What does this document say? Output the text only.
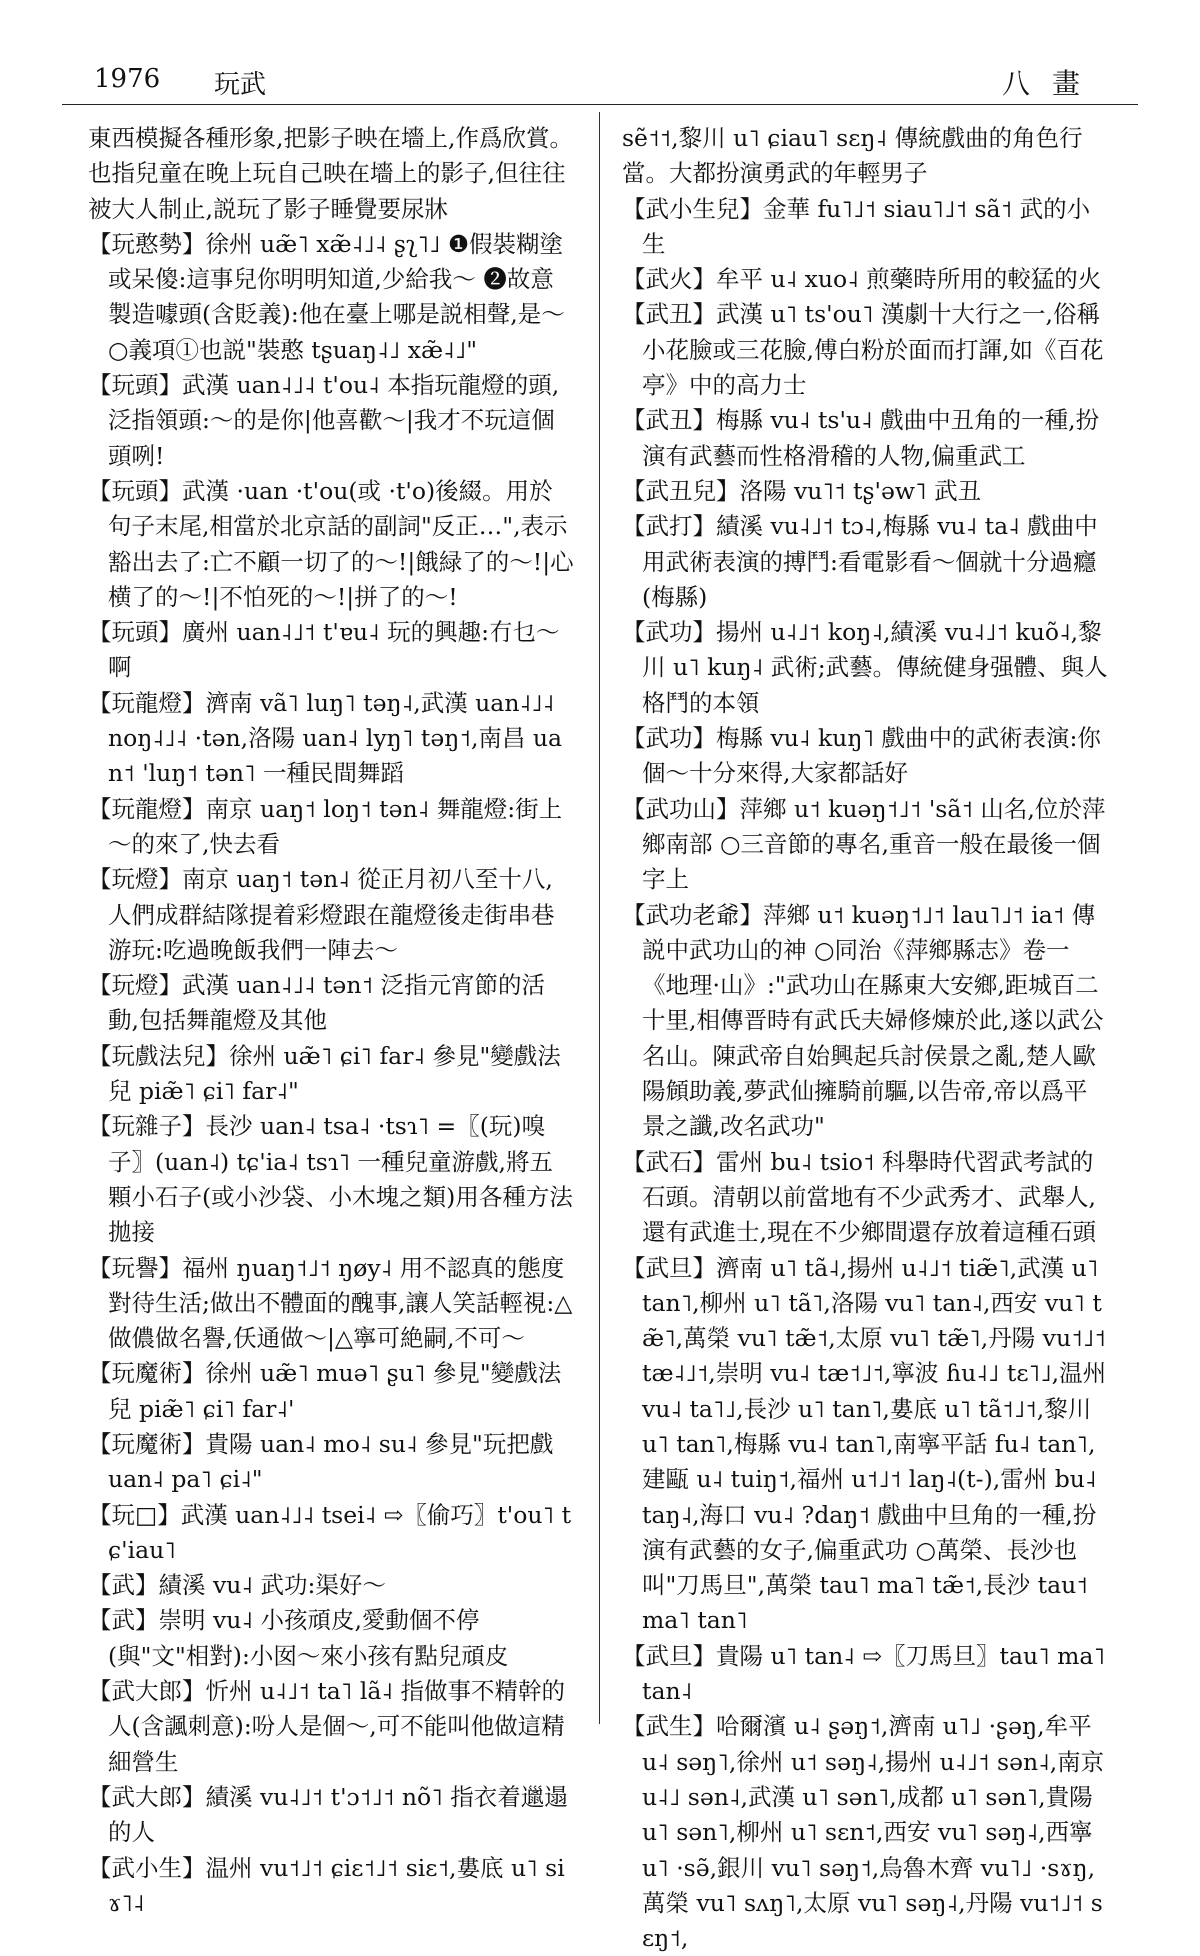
1976 玩武	八畫

東西模擬各種形象,把影子映在墻上,作爲欣賞。也指兒童在晚上玩自己映在墻上的影子,但往往被大人制止,説玩了影子睡覺要尿牀

【玩憨勢】徐州 uæ̃˥ xæ̃˨˩˨ ʂʅ˥˩ ❶假裝糊塗或呆傻:這事兒你明明知道,少給我～ ❷故意製造噱頭(含貶義):他在臺上哪是説相聲,是～ ○義項①也説"裝憨 tʂuaŋ˨˩ xæ̃˨˩"

【玩頭】武漢 uan˨˩˨ t'ou˨ 本指玩龍燈的頭,泛指領頭:～的是你|他喜歡～|我才不玩這個頭咧!

【玩頭】武漢 ·uan ·t'ou(或 ·t'o)後綴。用於句子末尾,相當於北京話的副詞"反正…",表示豁出去了:亡不顧一切了的～!|餓緑了的～!|心横了的～!|不怕死的～!|拼了的～!

【玩頭】廣州 uan˨˩˦ t'ɐu˨ 玩的興趣:冇乜～啊

【玩龍燈】濟南 vã˥ luŋ˥ təŋ˨,武漢 uan˨˩˨ noŋ˨˩˨ ·tən,洛陽 uan˨ lyŋ˥ təŋ˦,南昌 uan˦ 'luŋ˦ tən˥ 一種民間舞蹈

【玩龍燈】南京 uaŋ˦ loŋ˦ tən˨ 舞龍燈:街上～的來了,快去看

【玩燈】南京 uaŋ˦ tən˨ 從正月初八至十八,人們成群結隊提着彩燈跟在龍燈後走街串巷游玩:吃過晚飯我們一陣去～

【玩燈】武漢 uan˨˩˨ tən˦ 泛指元宵節的活動,包括舞龍燈及其他

【玩戲法兒】徐州 uæ̃˥ ɕi˥ far˨ 參見"變戲法兒 piæ̃˥ ɕi˥ far˨"

【玩雜子】長沙 uan˨ tsa˨ ·tsɿ˥ =〖(玩)嗅子〗(uan˨) tɕ'ia˨ tsɿ˥ 一種兒童游戲,將五顆小石子(或小沙袋、小木塊之類)用各種方法拋接

【玩譽】福州 ŋuaŋ˦˩˦ ŋøy˨ 用不認真的態度對待生活;做出不體面的醜事,讓人笑話輕視:△做儂做名譽,仸通做～|△寧可絶嗣,不可～

【玩魔術】徐州 uæ̃˥ muə˥ ʂu˥ 參見"變戲法兒 piæ̃˥ ɕi˥ far˨'

【玩魔術】貴陽 uan˨ mo˨ su˨ 參見"玩把戲 uan˨ pa˥ ɕi˨"

【玩□】武漢 uan˨˩˨ tsei˨ ⇨〖偷巧〗t'ou˥ tɕ'iau˥

【武】績溪 vu˨ 武功:渠好～

【武】崇明 vu˨ 小孩頑皮,愛動個不停(與"文"相對):小囡～來小孩有點兒頑皮

【武大郎】忻州 u˨˩˦ ta˥ lã˨ 指做事不精幹的人(含諷刺意):吩人是個～,可不能叫他做這精細營生

【武大郎】績溪 vu˨˩˦ t'ɔ˦˩˦ nõ˥ 指衣着邋遢的人

【武小生】温州 vu˦˩˦ ɕiɛ˦˩˦ siɛ˦,婁底 u˥ siɤ˥˨

sẽ˦˦,黎川 u˥ ɕiau˥ sɛŋ˨ 傳統戲曲的角色行當。大都扮演勇武的年輕男子

【武小生兒】金華 fu˥˩˦ siau˥˩˦ sã˦ 武的小生

【武火】牟平 u˨ xuo˨ 煎藥時所用的較猛的火

【武丑】武漢 u˥ ts'ou˥ 漢劇十大行之一,俗稱小花臉或三花臉,傅白粉於面而打諢,如《百花亭》中的高力士

【武丑】梅縣 vu˨ ts'u˨ 戲曲中丑角的一種,扮演有武藝而性格滑稽的人物,偏重武工

【武丑兒】洛陽 vu˥˦ tʂ'əw˥ 武丑

【武打】績溪 vu˨˩˦ tɔ˨,梅縣 vu˨ ta˨ 戲曲中用武術表演的搏鬥:看電影看～個就十分過癮(梅縣)

【武功】揚州 u˨˩˦ koŋ˨,績溪 vu˨˩˦ kuõ˨,黎川 u˥ kuŋ˨ 武術;武藝。傳統健身强體、與人格鬥的本領

【武功】梅縣 vu˨ kuŋ˥ 戲曲中的武術表演:你個～十分來得,大家都話好

【武功山】萍鄉 u˦ kuəŋ˦˩˦ 'sã˦ 山名,位於萍鄉南部 ○三音節的專名,重音一般在最後一個字上

【武功老爺】萍鄉 u˦ kuəŋ˦˩˦ lau˥˩˦ ia˦ 傳説中武功山的神 ○同治《萍鄉縣志》卷一《地理·山》:"武功山在縣東大安鄉,距城百二十里,相傳晋時有武氏夫婦修煉於此,遂以武公名山。陳武帝自始興起兵討侯景之亂,楚人歐陽頠助義,夢武仙擁騎前驅,以告帝,帝以爲平景之讖,改名武功"

【武石】雷州 bu˨ tsio˦ 科舉時代習武考試的石頭。清朝以前當地有不少武秀才、武舉人,還有武進士,現在不少鄉間還存放着這種石頭

【武旦】濟南 u˥ tã˨,揚州 u˨˩˦ tiæ̃˥,武漢 u˥ tan˥,柳州 u˥ tã˥,洛陽 vu˥ tan˨,西安 vu˥ tæ̃˥,萬榮 vu˥ tæ̃˦,太原 vu˥ tæ̃˥,丹陽 vu˦˩˦ tæ˨˩˦,崇明 vu˨ tæ˦˩˦,寧波 ɦu˨˩ tɛ˥˩,温州 vu˨ ta˥˩,長沙 u˥ tan˥,婁底 u˥ tã˦˩˦,黎川 u˥ tan˥,梅縣 vu˨ tan˥,南寧平話 fu˨ tan˥,建甌 u˨ tuiŋ˦,福州 u˦˩˦ laŋ˨(t-),雷州 bu˨ taŋ˨,海口 vu˨ ?daŋ˦ 戲曲中旦角的一種,扮演有武藝的女子,偏重武功 ○萬榮、長沙也叫"刀馬旦",萬榮 tau˥ ma˥ tæ̃˦,長沙 tau˦ ma˥ tan˥

【武旦】貴陽 u˥ tan˨ ⇨〖刀馬旦〗tau˥ ma˥ tan˨

【武生】哈爾濱 u˨ ʂəŋ˦,濟南 u˥˩ ·ʂəŋ,牟平 u˨ səŋ˥,徐州 u˦ səŋ˨,揚州 u˨˩˦ sən˨,南京 u˨˩ sən˨,武漢 u˥ sən˥,成都 u˥ sən˥,貴陽 u˥ sən˥,柳州 u˥ sɛn˦,西安 vu˥ səŋ˨,西寧 u˥ ·sə̃,銀川 vu˥ səŋ˦,烏魯木齊 vu˥˩ ·sɤŋ,萬榮 vu˥ sʌŋ˥,太原 vu˥ səŋ˨,丹陽 vu˦˩˦ sɛŋ˦,
